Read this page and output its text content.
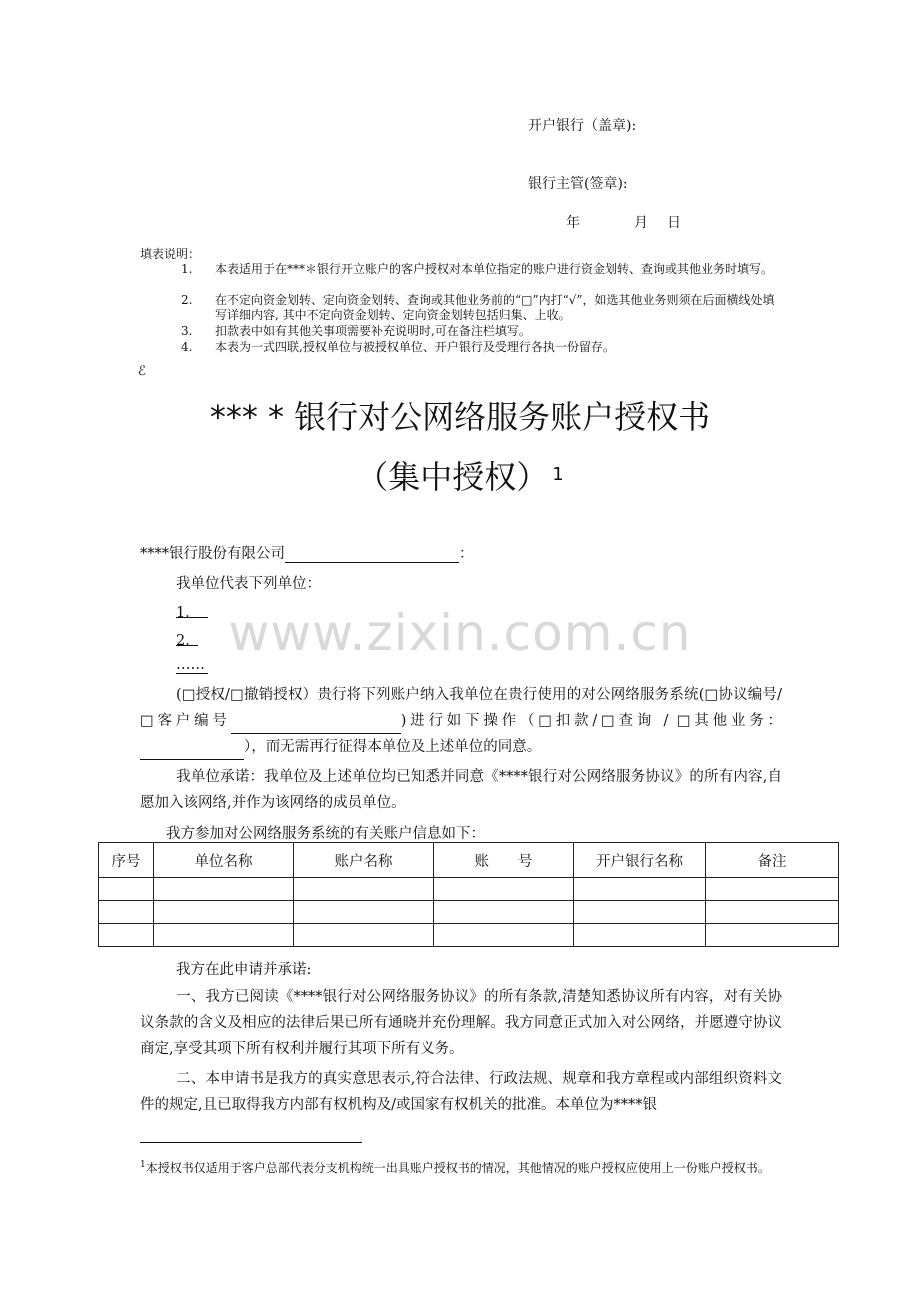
开户银行（盖章):
银行主管(签章):
年	月 日
填表说明：
1.	本表适用于在***＊银行开立账户的客户授权对本单位指定的账户进行资金划转、查询或其他业务时填写。
2.	在不定向资金划转、定向资金划转、查询或其他业务前的“□”内打“√”，如选其他业务则须在后面横线处填写详细内容, 其中不定向资金划转、定向资金划转包括归集、上收。
3.	扣款表中如有其他关事项需要补充说明时,可在备注栏填写。
4.	本表为一式四联,授权单位与被授权单位、开户银行及受理行各执一份留存。
ℰ
*** * 银行对公网络服务账户授权书
（集中授权） $^1$
www.zixin.com.cn
****银行股份有限公司	：
我单位代表下列单位：
1．
2．
……
(□授权/□撤销授权）贵行将下列账户纳入我单位在贵行使用的对公网络服务系统(□协议编号/□客户编号	)进行如下操作（□扣款/□查询 / □其他业务：），而无需再行征得本单位及上述单位的同意。
我单位承诺：我单位及上述单位均已知悉并同意《****银行对公网络服务协议》的所有内容,自愿加入该网络,并作为该网络的成员单位。
我方参加对公网络服务系统的有关账户信息如下：
序号	单位名称	账户名称	账　　号	开户银行名称	备注

我方在此申请并承诺:
一、我方已阅读《****银行对公网络服务协议》的所有条款,清楚知悉协议所有内容，对有关协议条款的含义及相应的法律后果已所有通晓并充份理解。我方同意正式加入对公网络，并愿遵守协议商定,享受其项下所有权利并履行其项下所有义务。
二、本申请书是我方的真实意思表示,符合法律、行政法规、规章和我方章程或内部组织资料文件的规定,且已取得我方内部有权机构及/或国家有权机关的批准。本单位为****银
$^1$本授权书仅适用于客户总部代表分支机构统一出具账户授权书的情况，其他情况的账户授权应使用上一份账户授权书。
